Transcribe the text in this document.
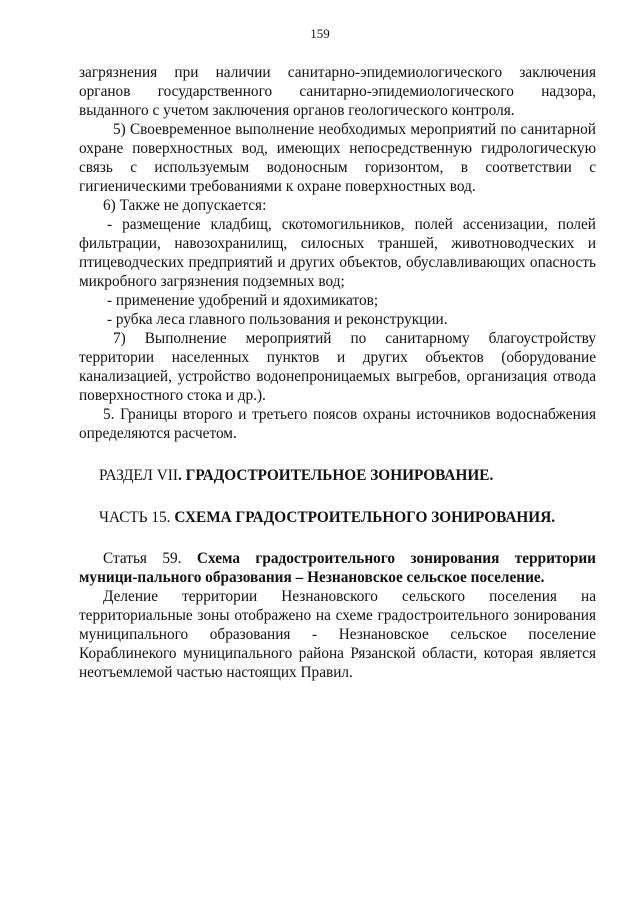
159

загрязнения при наличии санитарно-эпидемиологического заключения органов государственного санитарно-эпидемиологического надзора, выданного с учетом заключения органов геологического контроля.

5) Своевременное выполнение необходимых мероприятий по санитарной охране поверхностных вод, имеющих непосредственную гидрологическую связь с используемым водоносным горизонтом, в соответствии с гигиеническими требованиями к охране поверхностных вод.

6) Также не допускается:

- размещение кладбищ, скотомогильников, полей ассенизации, полей фильтрации, навозохранилищ, силосных траншей, животноводческих и птицеводческих предприятий и других объектов, обуславливающих опасность микробного загрязнения подземных вод;

- применение удобрений и ядохимикатов;

- рубка леса главного пользования и реконструкции.

7) Выполнение мероприятий по санитарному благоустройству территории населенных пунктов и других объектов (оборудование канализацией, устройство водонепроницаемых выгребов, организация отвода поверхностного стока и др.).

5. Границы второго и третьего поясов охраны источников водоснабжения определяются расчетом.

РАЗДЕЛ VII. ГРАДОСТРОИТЕЛЬНОЕ ЗОНИРОВАНИЕ.

ЧАСТЬ 15. СХЕМА ГРАДОСТРОИТЕЛЬНОГО ЗОНИРОВАНИЯ.

Статья 59. Схема градостроительного зонирования территории муници-пального образования – Незнановское сельское поселение.

Деление территории Незнановского сельского поселения на территориальные зоны отображено на схеме градостроительного зонирования муниципального образования - Незнановское сельское поселение Кораблинекого муниципального района Рязанской области, которая является неотъемлемой частью настоящих Правил.
